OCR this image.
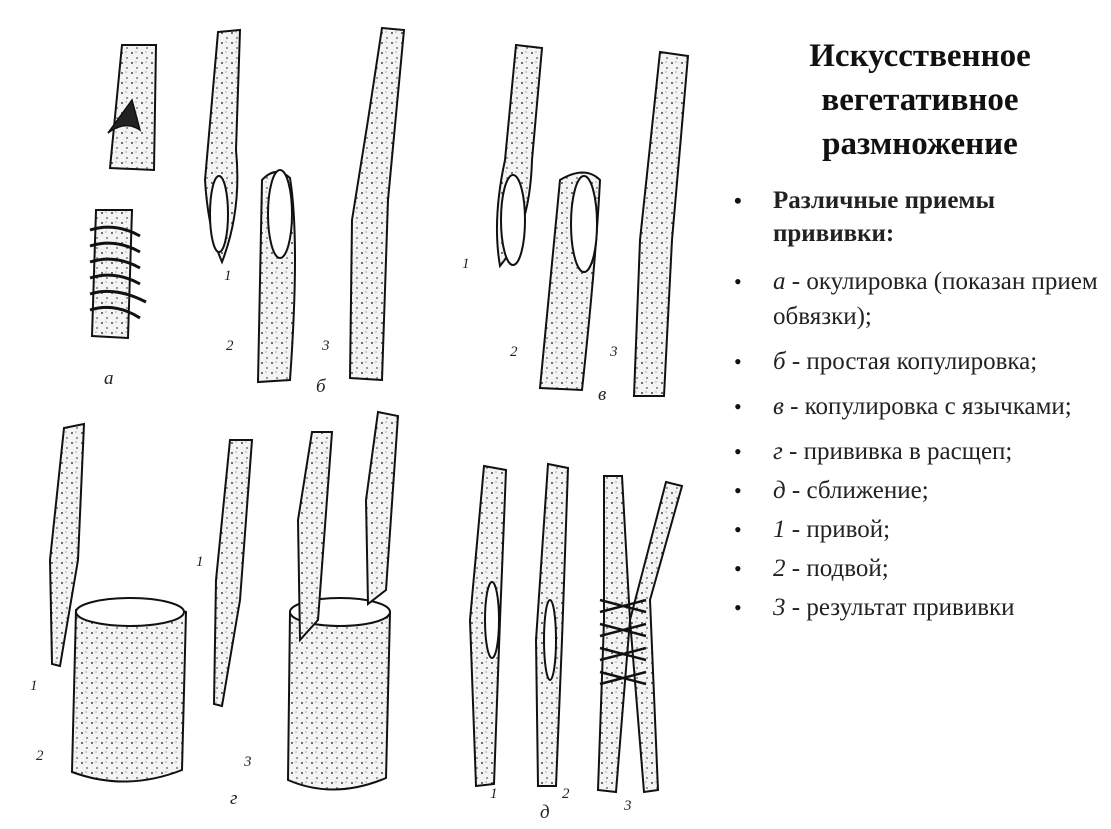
а
1
2	3
б
1
2	3
в
1
2
1
3
г	1	2
3
д
Искусственное
вегетативное
размножение
• Различные приемы
прививки:
• а - окулировка (показан прием обвязки);
• б - простая копулировка;
• в - копулировка с язычками;
• г - прививка в расщеп;
• д - сближение;
• 1 - привой;
• 2 - подвой;
• 3 - результат прививки
